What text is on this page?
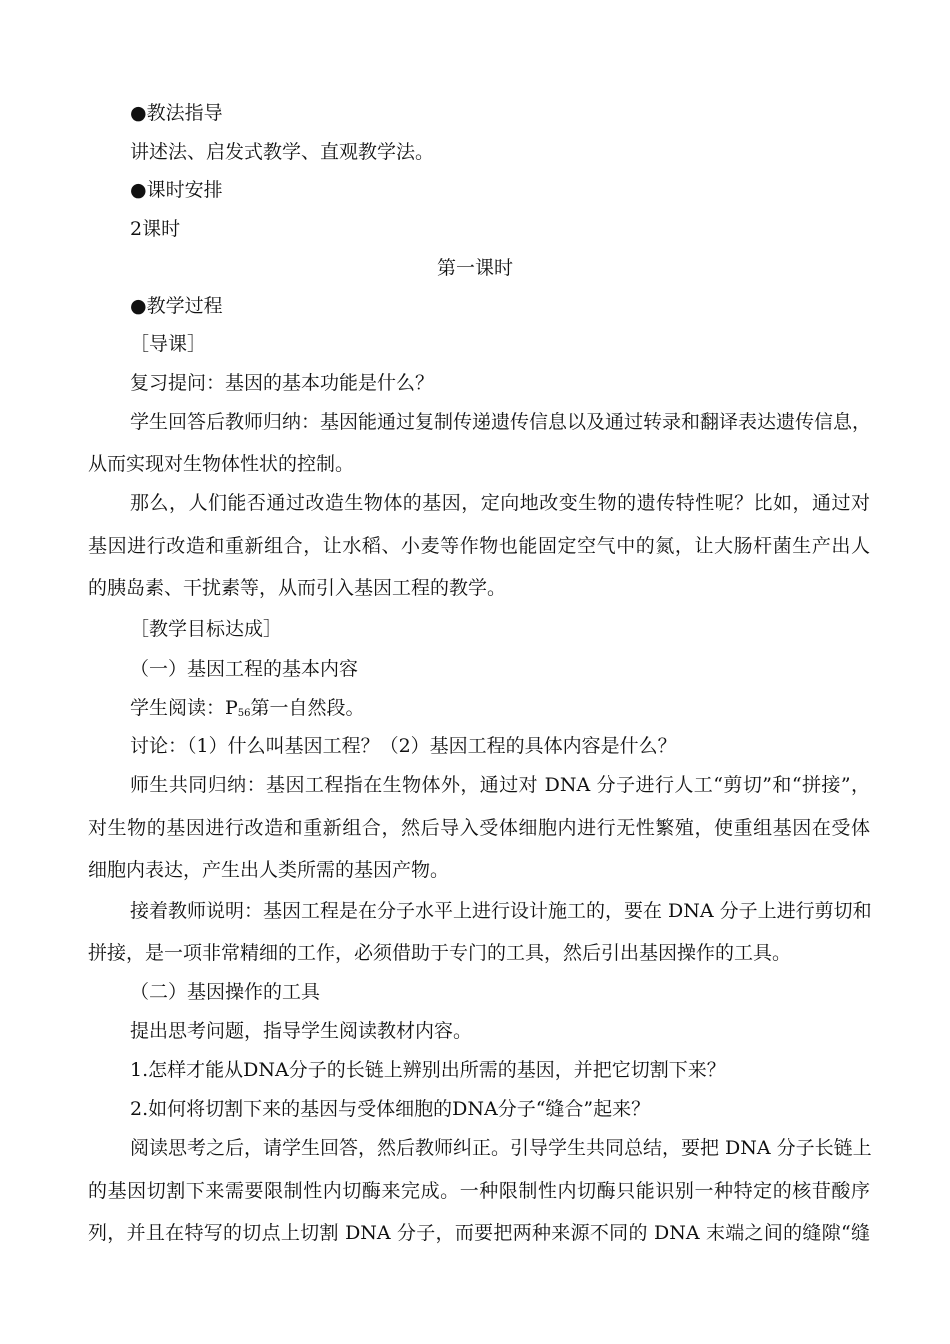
●教法指导
讲述法、启发式教学、直观教学法。
●课时安排
2课时
第一课时
●教学过程
［导课］
复习提问：基因的基本功能是什么？
学生回答后教师归纳：基因能通过复制传递遗传信息以及通过转录和翻译表达遗传信息，
从而实现对生物体性状的控制。
那么，人们能否通过改造生物体的基因，定向地改变生物的遗传特性呢？比如，通过对
基因进行改造和重新组合，让水稻、小麦等作物也能固定空气中的氮，让大肠杆菌生产出人
的胰岛素、干扰素等，从而引入基因工程的教学。
［教学目标达成］
（一）基因工程的基本内容
学生阅读：$P_{56}$第一自然段。
讨论：（1）什么叫基因工程？（2）基因工程的具体内容是什么？
师生共同归纳：基因工程指在生物体外，通过对 DNA 分子进行人工“剪切”和“拼接”，
对生物的基因进行改造和重新组合，然后导入受体细胞内进行无性繁殖，使重组基因在受体
细胞内表达，产生出人类所需的基因产物。
接着教师说明：基因工程是在分子水平上进行设计施工的，要在 DNA 分子上进行剪切和
拼接，是一项非常精细的工作，必须借助于专门的工具，然后引出基因操作的工具。
（二）基因操作的工具
提出思考问题，指导学生阅读教材内容。
1.怎样才能从DNA分子的长链上辨别出所需的基因，并把它切割下来？
2.如何将切割下来的基因与受体细胞的DNA分子“缝合”起来？
阅读思考之后，请学生回答，然后教师纠正。引导学生共同总结，要把 DNA 分子长链上
的基因切割下来需要限制性内切酶来完成。一种限制性内切酶只能识别一种特定的核苷酸序
列，并且在特写的切点上切割 DNA 分子，而要把两种来源不同的 DNA 末端之间的缝隙“缝
